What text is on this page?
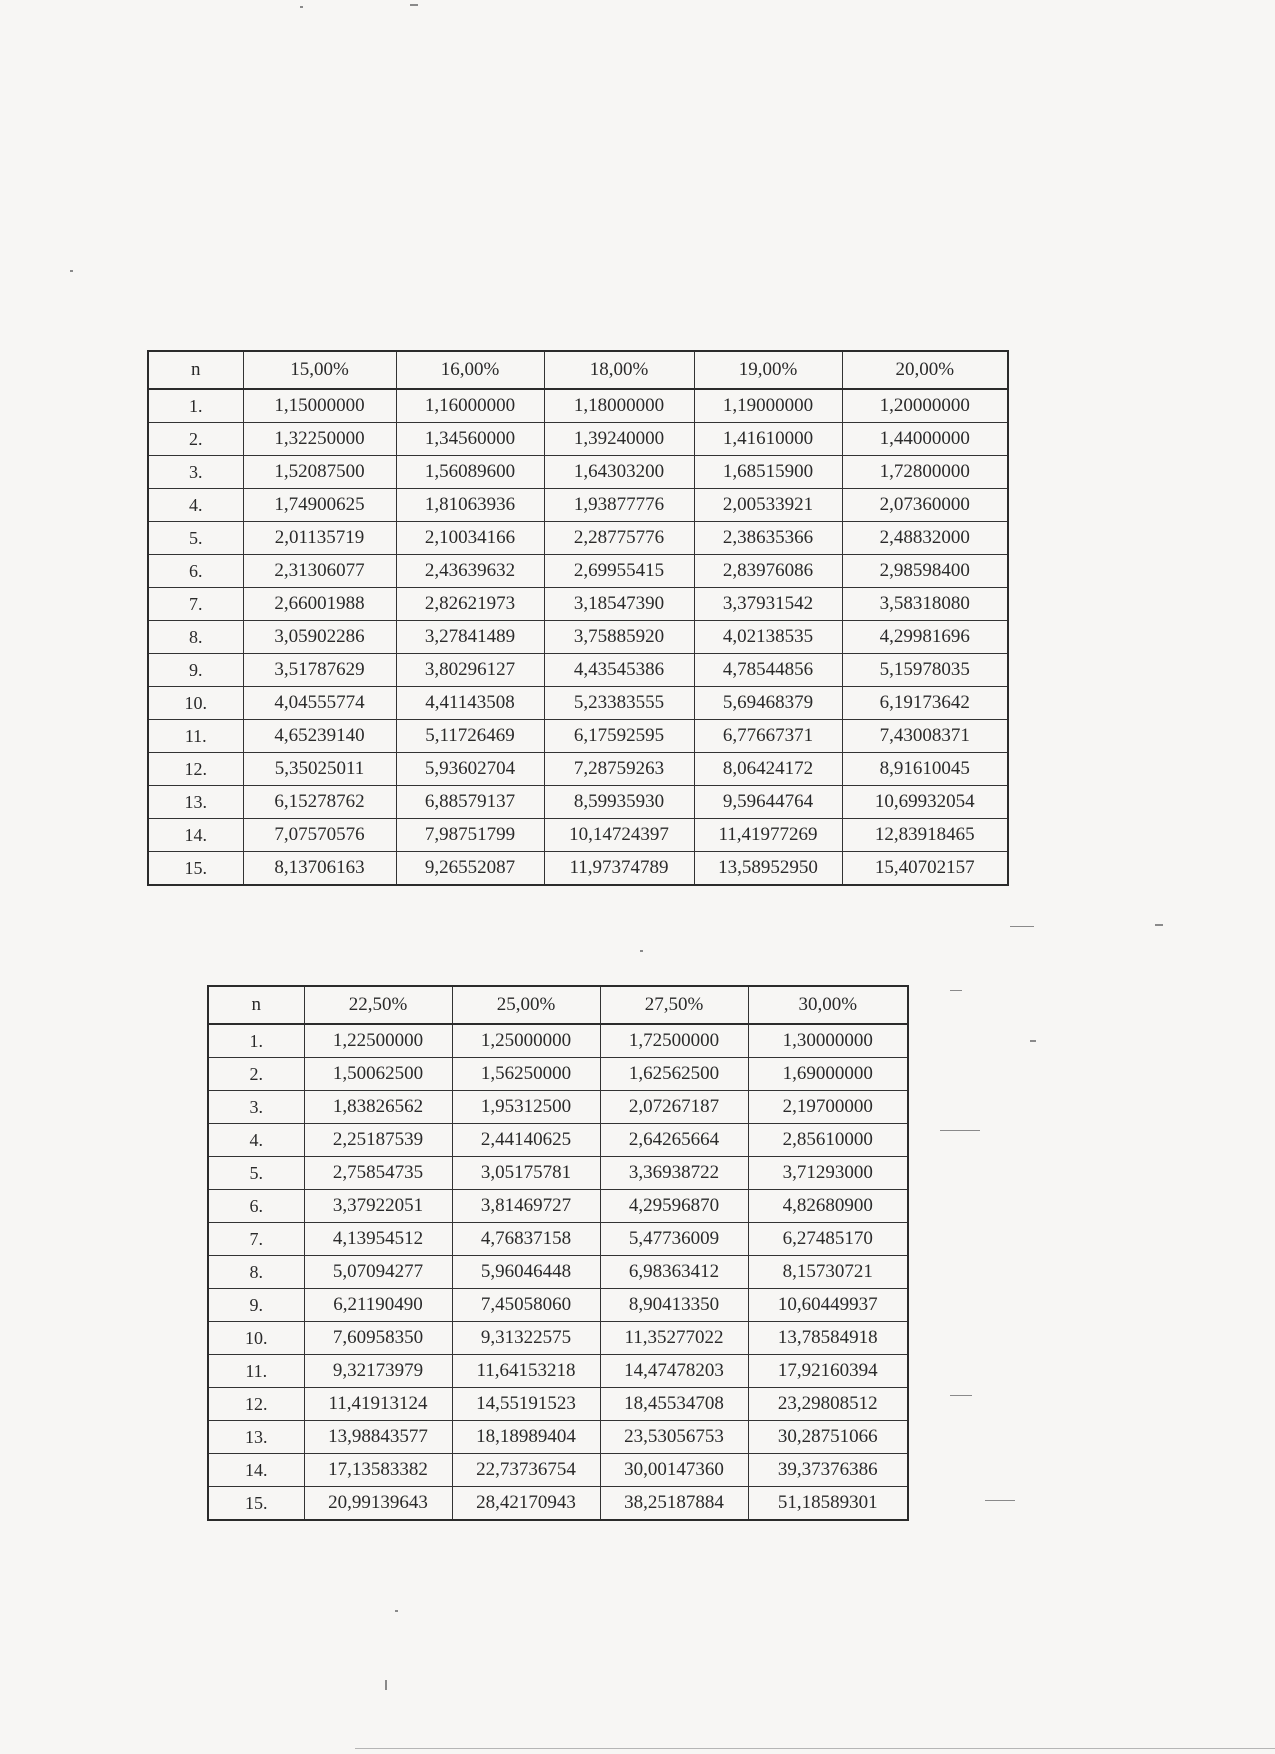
n	15,00%	16,00%	18,00%	19,00%	20,00%
1.	1,15000000	1,16000000	1,18000000	1,19000000	1,20000000
2.	1,32250000	1,34560000	1,39240000	1,41610000	1,44000000
3.	1,52087500	1,56089600	1,64303200	1,68515900	1,72800000
4.	1,74900625	1,81063936	1,93877776	2,00533921	2,07360000
5.	2,01135719	2,10034166	2,28775776	2,38635366	2,48832000
6.	2,31306077	2,43639632	2,69955415	2,83976086	2,98598400
7.	2,66001988	2,82621973	3,18547390	3,37931542	3,58318080
8.	3,05902286	3,27841489	3,75885920	4,02138535	4,29981696
9.	3,51787629	3,80296127	4,43545386	4,78544856	5,15978035
10.	4,04555774	4,41143508	5,23383555	5,69468379	6,19173642
11.	4,65239140	5,11726469	6,17592595	6,77667371	7,43008371
12.	5,35025011	5,93602704	7,28759263	8,06424172	8,91610045
13.	6,15278762	6,88579137	8,59935930	9,59644764	10,69932054
14.	7,07570576	7,98751799	10,14724397	11,41977269	12,83918465
15.	8,13706163	9,26552087	11,97374789	13,58952950	15,40702157
n	22,50%	25,00%	27,50%	30,00%
1.	1,22500000	1,25000000	1,72500000	1,30000000
2.	1,50062500	1,56250000	1,62562500	1,69000000
3.	1,83826562	1,95312500	2,07267187	2,19700000
4.	2,25187539	2,44140625	2,64265664	2,85610000
5.	2,75854735	3,05175781	3,36938722	3,71293000
6.	3,37922051	3,81469727	4,29596870	4,82680900
7.	4,13954512	4,76837158	5,47736009	6,27485170
8.	5,07094277	5,96046448	6,98363412	8,15730721
9.	6,21190490	7,45058060	8,90413350	10,60449937
10.	7,60958350	9,31322575	11,35277022	13,78584918
11.	9,32173979	11,64153218	14,47478203	17,92160394
12.	11,41913124	14,55191523	18,45534708	23,29808512
13.	13,98843577	18,18989404	23,53056753	30,28751066
14.	17,13583382	22,73736754	30,00147360	39,37376386
15.	20,99139643	28,42170943	38,25187884	51,18589301
